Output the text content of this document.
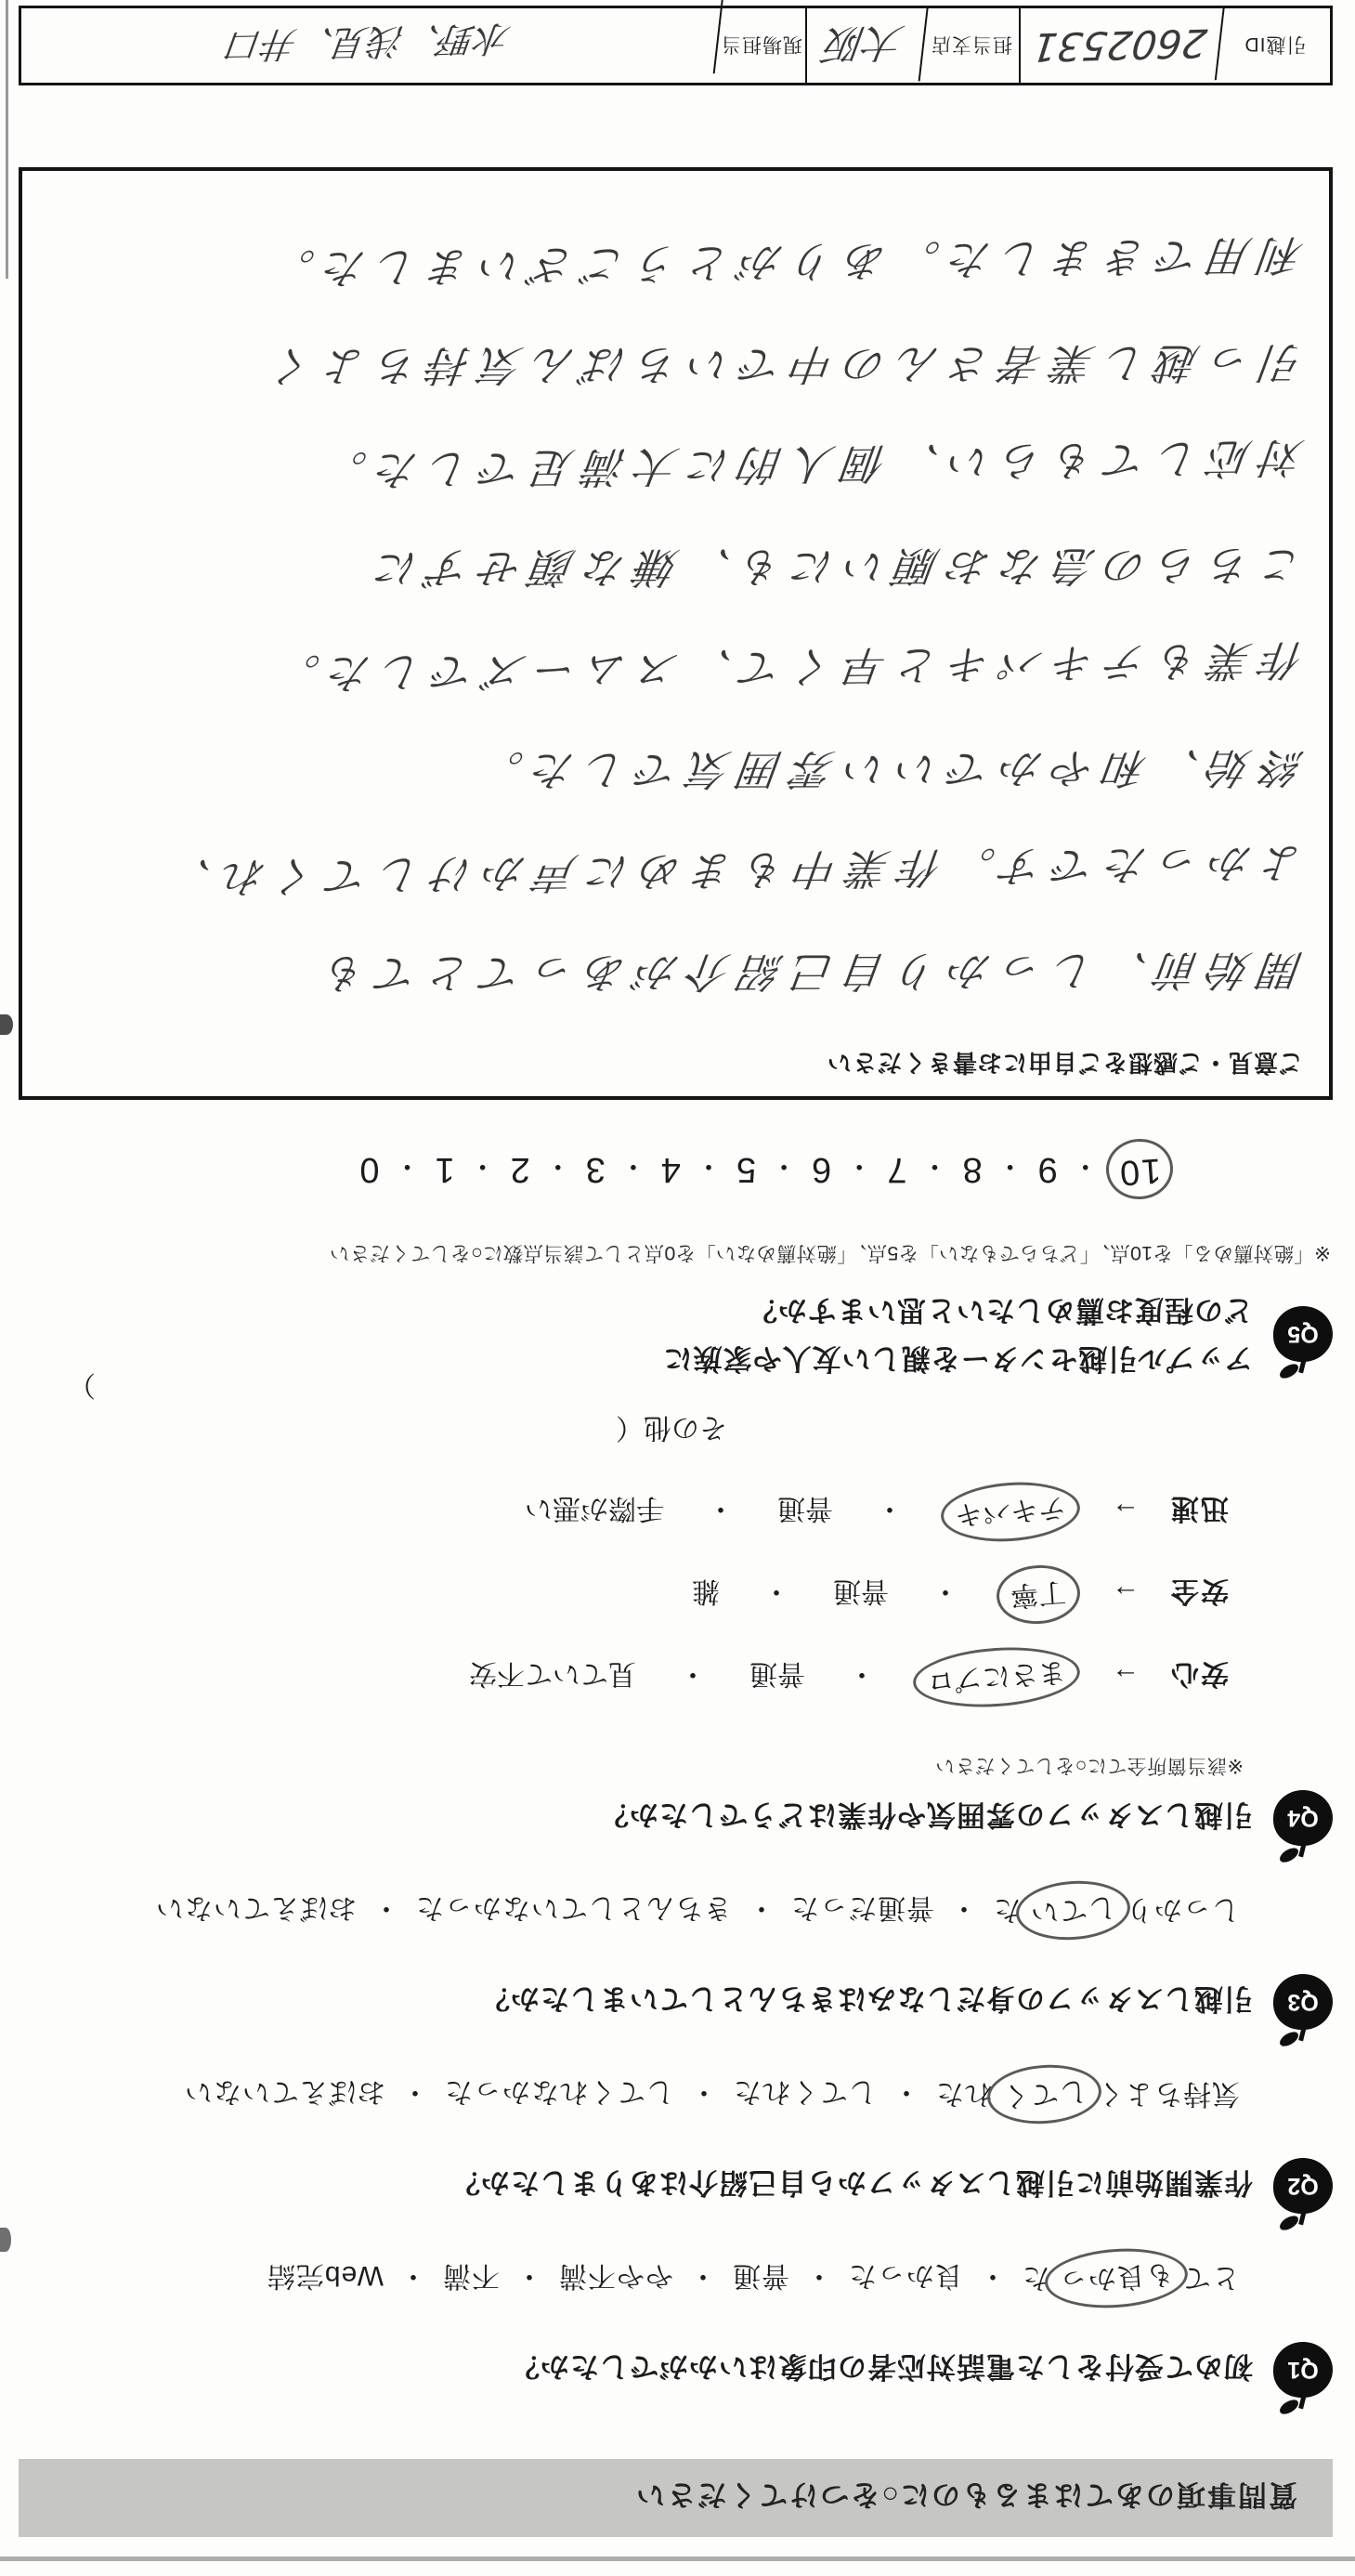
質問事項のあてはまるものに○をつけてください
Q1
初めて受付をした電話対応者の印象はいかがでしたか？
とても良かった
・
良かった
・
普通
・
やや不満
・
不満
・
Web完結
Q2
作業開始前に引越しスタッフから自己紹介はありましたか？
気持ちよくしてくれた
・
してくれた
・
してくれなかった
・
おぼえていない
Q3
引越しスタッフの身だしなみはきちんとしていましたか？
しっかりしていた
・
普通だった
・
きちんとしていなかった
・
おぼえていない
Q4
引越しスタッフの雰囲気や作業はどうでしたか？
※該当箇所全てに○をしてください
安心
→
まさにプロ
　・　
普通
　・　
見ていて不安
安全
→
丁寧
　・　
普通
　・　
雑
迅速
→
テキパキ
　・　
普通
　・　
手際が悪い
その他（
）
Q5
アップル引越センターを親しい友人や家族に
どの程度お薦めしたいと思いますか？
※「絶対薦める」を10点、「どちらでもない」を5点、「絶対薦めない」を0点として該当点数に○をしてください
10
・
9
・
8
・
7
・
6
・
5
・
4
・
3
・
2
・
1
・
0
ご意見・ご感想をご自由にお書きください
開始前、しっかり自己紹介があってとても
よかったです。作業中もまめに声かけしてくれ、
終始、和やかでいい雰囲気でした。
作業もテキパキと早くて、スムーズでした。
こちらの急なお願いにも、嫌な顔せずに
対応してもらい、個人的に大満足でした。
引っ越し業者さんの中でいちばん気持ちよく
利用できました。ありがとうございました。
引越ID
2602531
担当支店
大阪
現場担当
水野、浅見、井口
